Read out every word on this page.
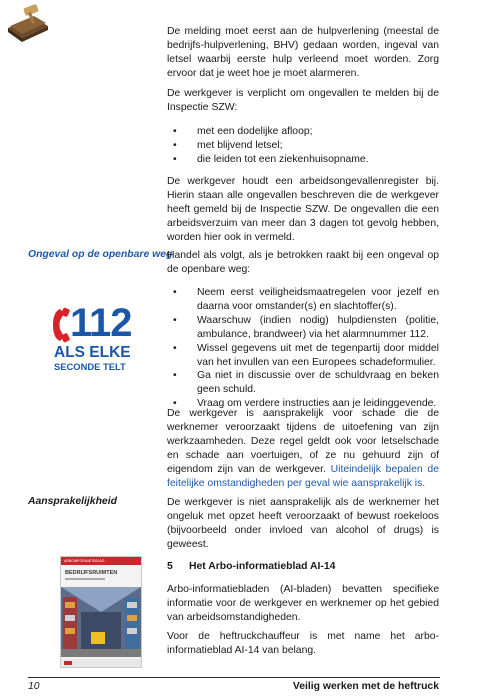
De melding moet eerst aan de hulpverlening (meestal de bedrijfs-hulpverlening, BHV) gedaan worden, ingeval van letsel waarbij eerste hulp verleend moet worden. Zorg ervoor dat je weet hoe je moet alarmeren.

De werkgever is verplicht om ongevallen te melden bij de Inspectie SZW:

• met een dodelijke afloop;
• met blijvend letsel;
• die leiden tot een ziekenhuisopname.

De werkgever houdt een arbeidsongevallenregister bij. Hierin staan alle ongevallen beschreven die de werkgever heeft gemeld bij de Inspectie SZW. De ongevallen die een arbeidsverzuim van meer dan 3 dagen tot gevolg hebben, worden hier ook in vermeld.

Ongeval op de openbare weg

Handel als volgt, als je betrokken raakt bij een ongeval op de openbare weg:

• Neem eerst veiligheidsmaatregelen voor jezelf en daarna voor omstander(s) en slachtoffer(s).
• Waarschuw (indien nodig) hulpdiensten (politie, ambulance, brandweer) via het alarmnummer 112.
• Wissel gegevens uit met de tegenpartij door middel van het invullen van een Europees schadeformulier.
• Ga niet in discussie over de schuldvraag en beken geen schuld.
• Vraag om verdere instructies aan je leidinggevende.
112
ALS ELKE
SECONDE TELT

De werkgever is aansprakelijk voor schade die de werknemer veroorzaakt tijdens de uitoefening van zijn werkzaamheden. Deze regel geldt ook voor letselschade en schade aan voertuigen, of ze nu gehuurd zijn of eigendom zijn van de werkgever. Uiteindelijk bepalen de feitelijke omstandigheden per geval wie aansprakelijk is.

Aansprakelijkheid	De werkgever is niet aansprakelijk als de werknemer het ongeluk met opzet heeft veroorzaakt of bewust roekeloos (bijvoorbeeld onder invloed van alcohol of drugs) is geweest.

5 Het Arbo-informatieblad AI-14

Arbo-informatiebladen (AI-bladen) bevatten specifieke informatie voor de werkgever en werknemer op het gebied van arbeidsomstandigheden.

Voor de heftruckchauffeur is met name het arbo-informatieblad AI-14 van belang.

ARBOINFORMATIEBLAD
BEDRIJFSRUIMTEN
10	Veilig werken met de heftruck
